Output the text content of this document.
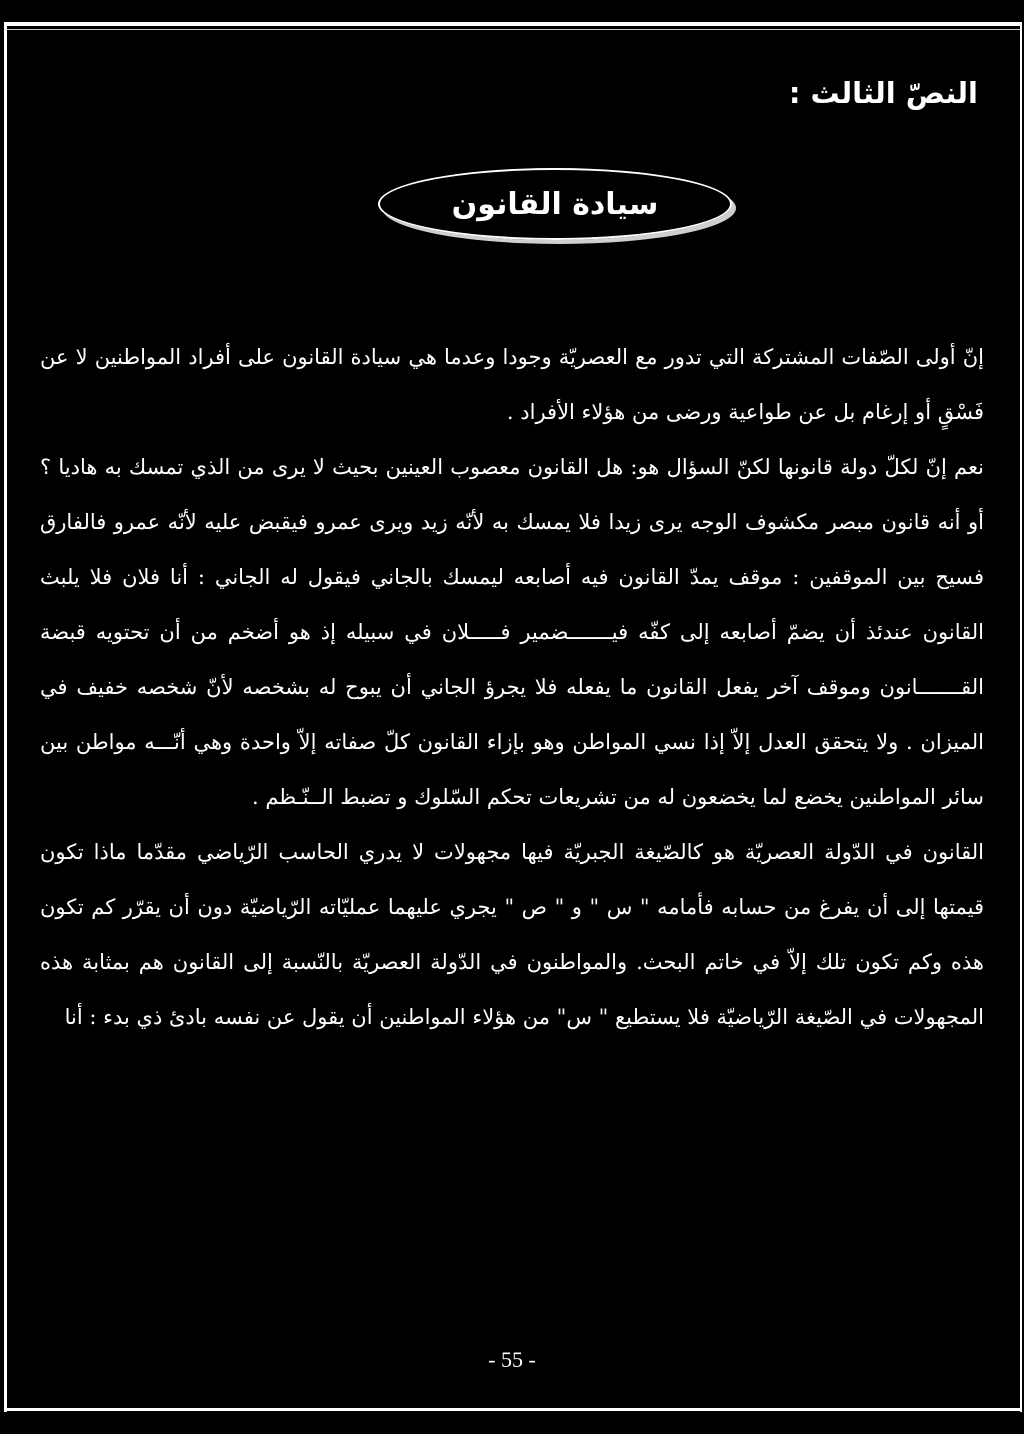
النصّ الثالث :
سيادة القانون

إنّ أولى الصّفات المشتركة التي تدور مع العصريّة وجودا وعدما هي سيادة القانون على أفراد المواطنين لا عن فَسْقٍ أو إرغام بل عن طواعية ورضى من هؤلاء الأفراد .

نعم إنّ لكلّ دولة قانونها لكنّ السؤال هو: هل القانون معصوب العينين بحيث لا يرى من الذي تمسك به هاديا ؟ أو أنه قانون مبصر مكشوف الوجه يرى زيدا فلا يمسك به لأنّه زيد ويرى عمرو فيقبض عليه لأنّه عمرو فالفارق فسيح بين الموقفين : موقف يمدّ القانون فيه أصابعه ليمسك بالجاني فيقول له الجاني : أنا فلان فلا يلبث القانون عندئذ أن يضمّ أصابعه إلى كفّه فيـــــــضمير فـــــلان في سبيله إذ هو أضخم من أن تحتويه قبضة القـــــــانون وموقف آخر يفعل القانون ما يفعله فلا يجرؤ الجاني أن يبوح له بشخصه لأنّ شخصه خفيف في الميزان . ولا يتحقق العدل إلاّ إذا نسي المواطن وهو بإزاء القانون كلّ صفاته إلاّ واحدة وهي أنّـــه مواطن بين سائر المواطنين يخضع لما يخضعون له من تشريعات تحكم السّلوك و تضبط الــنّـظم .

القانون في الدّولة العصريّة هو كالصّيغة الجبريّة فيها مجهولات لا يدري الحاسب الرّياضي مقدّما ماذا تكون قيمتها إلى أن يفرغ من حسابه فأمامه " س " و " ص " يجري عليهما عمليّاته الرّياضيّة دون أن يقرّر كم تكون هذه وكم تكون تلك إلاّ في خاتم البحث. والمواطنون في الدّولة العصريّة بالنّسبة إلى القانون هم بمثابة هذه المجهولات في الصّيغة الرّياضيّة فلا يستطيع " س" من هؤلاء المواطنين أن يقول عن نفسه بادئ ذي بدء : أنا

- 55 -
